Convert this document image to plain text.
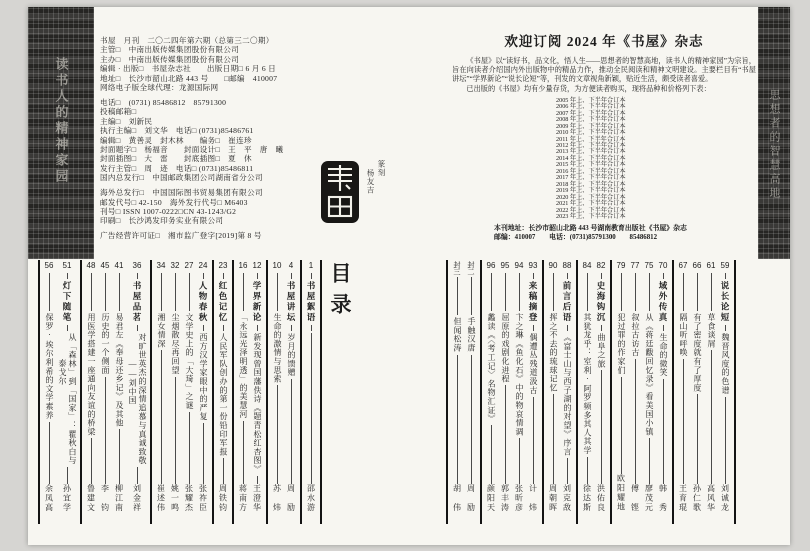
读书人的精神家园	思想者的智慧高地
书屋　月刊　二〇二四年第六期（总第三二〇期）
主管□　中南出版传媒集团股份有限公司
主办□　中南出版传媒集团股份有限公司
编辑 · 出版□　书屋杂志社　　出版日期□ 6 月 6 日
地址□　长沙市韶山北路 443 号　　□邮编　410007
网络电子版全球代理：龙源国际网
电话□　(0731) 85486812　85791300
投稿邮箱□
主编□　刘新民
执行主编□　刘文华　电话□ (0731)85486761
编辑□　黄善灵　封木林　　编务□　崔连珍
封面题字□　杨福音　　封面设计□　王　平　唐　曦
封面插图□　大　雷　　封底插图□　夏　休
发行主管□　周　迹　电话□ (0731)85486811
国内总发行□　中国邮政集团公司湖南省分公司
海外总发行□　中国国际图书贸易集团有限公司
邮发代号□ 42-150　海外发行代号□ M6403
刊号□ ISSN 1007-0222□CN 43-1243/G2
印刷□　长沙鸿发印务实业有限公司
广告经营许可证□　湘市监广登字[2019]第 8 号
篆刻
杨友吉
欢迎订阅 2024 年《书屋》杂志

《书屋》以“读好书，品文化，悟人生——思想者的智慧高地，读书人的精神家园”为宗旨，旨在向读者介绍国内外出版物中的精品力作，推动全民阅读和精神文明建设。主要栏目有“书屋讲坛”“学界新论”“说长论短”等，刊发的文章视角新颖，贴近生活，颇受读者喜爱。

已出版的《书屋》均有少量存货，为方便读者购买，现将品种和价格列下表：

2005 年上、下半年合订本
2006 年上、下半年合订本
2007 年上、下半年合订本
2008 年上、下半年合订本
2009 年上、下半年合订本
2010 年上、下半年合订本
2011 年上、下半年合订本
2012 年上、下半年合订本
2013 年上、下半年合订本
2014 年上、下半年合订本
2015 年上、下半年合订本
2016 年上、下半年合订本
2017 年上、下半年合订本
2018 年上、下半年合订本
2019 年上、下半年合订本
2020 年上、下半年合订本
2021 年上、下半年合订本
2022 年上、下半年合订本
2023 年上、下半年合订本
本刊地址：长沙市韶山北路 443 号湖南教育出版社《书屋》杂志
邮编：410007　　电话：(0731)85791300　　85486812
56
保罗·埃尔利希的文学素养
余凤高
51
灯下随笔
从「森林」到「国家」：瞿秋白与
泰戈尔
孙宜学
48
用医学搭建一座通向友谊的桥梁
鲁建文
45
历史的一个侧面
李　钧
41
易君左《奉母还乡记》及其他
柳江南
36
书屋品茗
对旷世英杰的深情追慕与真诚致敬
——刘中国
刘金祥
34
湘女情深
崔述伟
32
尘烟散尽再回望
姚一鸣
27
文学史上的「大琦」之谜
张耀杰
24
人物春秋
西方汉学家眼中的严复
张祚臣
23
红色记忆
人民军队创办的第一份铅印军报
周铁钧
16
「永远光泽明透」的美慧河
蒋南方
12
学界新论
新发现曾国藩佚诗《题青松红杏图》
王澄华
10
生命的激情与思索
苏　炜
4
书屋讲坛
岁月的馈赠
周　励
1
书屋絮语
邵水游
目录	封三
但闻松涛
胡　伟
封二
手触汉唐
周　励
96
蠡读《〈考工记〉名物汇证》
颜阳天
95
屈原的戏剧化进程
郭丰涛
94
卞之琳《鱼化石》中的物哀情调
张昕彦
93
来稿摘登
偶遭丛残道汲古
计　炜
90
挥之不去的琉球记忆
周朝晖
88
前言后语
《富士山与西子湖的对望》序言
刘克敌
84
其犹龙乎：室利·阿罗频多其人其学
徐达斯
82
史海钩沉
曲阜之旅
洪佑良
79
犯过罪的作家们
欧阳耀地
77
叙拉古访古
傅　铿
75
从《蒋廷黻回忆录》看美国小镇
廖茂元
70
域外传真
生命的微笑
韩　秀
67
隔山听呼唤
王育琨
66
有了密度就有了厚度
孙仁歌
61
草食谈屑
高风华
59
说长论短
魏晋风度的色谱
刘诚龙
